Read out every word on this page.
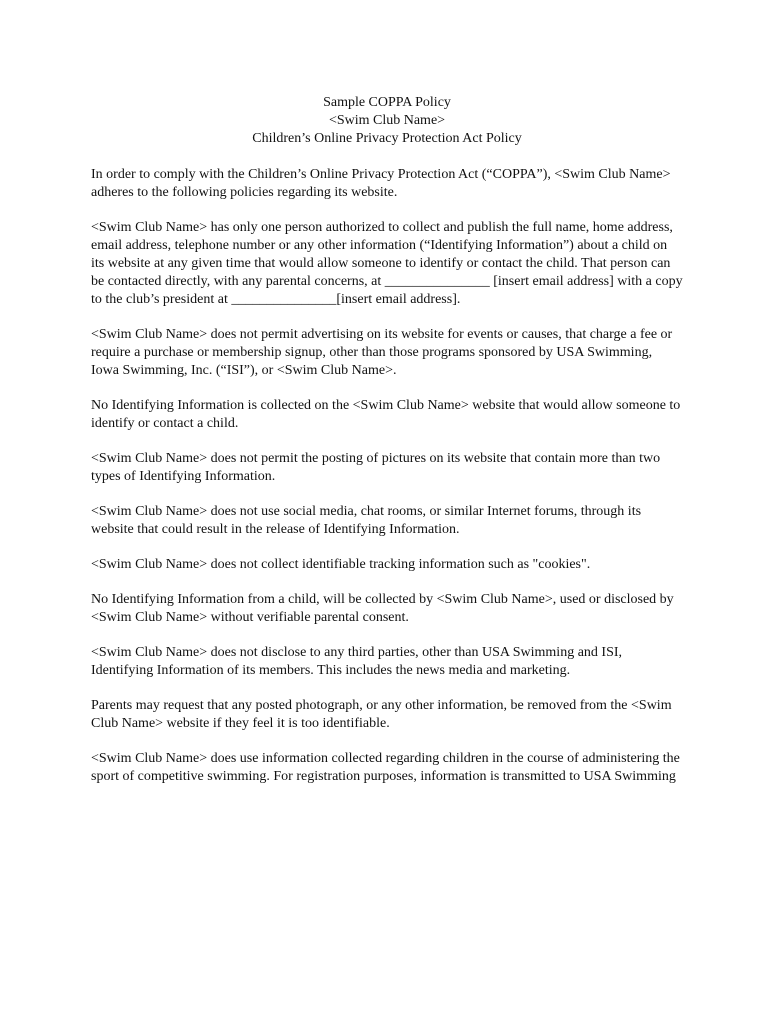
Sample COPPA Policy
<Swim Club Name>
Children’s Online Privacy Protection Act Policy

In order to comply with the Children’s Online Privacy Protection Act (“COPPA”), <Swim Club Name> adheres to the following policies regarding its website.

<Swim Club Name> has only one person authorized to collect and publish the full name, home address, email address, telephone number or any other information (“Identifying Information”) about a child on its website at any given time that would allow someone to identify or contact the child. That person can be contacted directly, with any parental concerns, at _______________ [insert email address] with a copy to the club’s president at _______________[insert email address].

<Swim Club Name> does not permit advertising on its website for events or causes, that charge a fee or require a purchase or membership signup, other than those programs sponsored by USA Swimming, Iowa Swimming, Inc. (“ISI”), or <Swim Club Name>.

No Identifying Information is collected on the <Swim Club Name> website that would allow someone to identify or contact a child.

<Swim Club Name> does not permit the posting of pictures on its website that contain more than two types of Identifying Information.

<Swim Club Name> does not use social media, chat rooms, or similar Internet forums, through its website that could result in the release of Identifying Information.

<Swim Club Name> does not collect identifiable tracking information such as "cookies".

No Identifying Information from a child, will be collected by <Swim Club Name>, used or disclosed by <Swim Club Name> without verifiable parental consent.

<Swim Club Name> does not disclose to any third parties, other than USA Swimming and ISI, Identifying Information of its members. This includes the news media and marketing.

Parents may request that any posted photograph, or any other information, be removed from the <Swim Club Name> website if they feel it is too identifiable.

<Swim Club Name> does use information collected regarding children in the course of administering the sport of competitive swimming. For registration purposes, information is transmitted to USA Swimming
